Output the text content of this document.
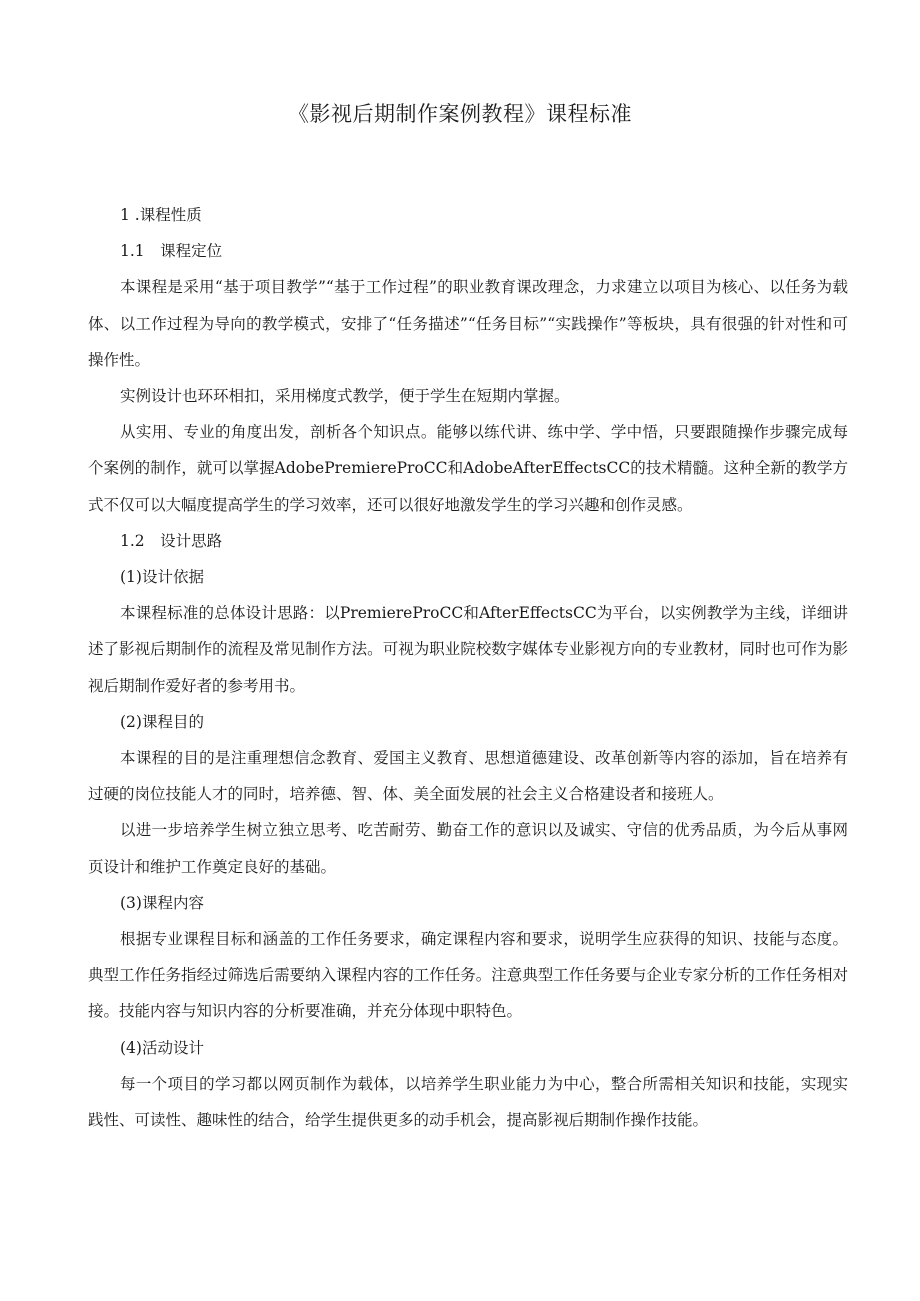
《影视后期制作案例教程》课程标准

1 .课程性质

1.1　课程定位

本课程是采用“基于项目教学”“基于工作过程”的职业教育课改理念，力求建立以项目为核心、以任务为载体、以工作过程为导向的教学模式，安排了“任务描述”“任务目标”“实践操作”等板块，具有很强的针对性和可操作性。

实例设计也环环相扣，采用梯度式教学，便于学生在短期内掌握。

从实用、专业的角度出发，剖析各个知识点。能够以练代讲、练中学、学中悟，只要跟随操作步骤完成每个案例的制作，就可以掌握AdobePremiereProCC和AdobeAfterEffectsCC的技术精髓。这种全新的教学方式不仅可以大幅度提高学生的学习效率，还可以很好地激发学生的学习兴趣和创作灵感。

1.2　设计思路

(1)设计依据

本课程标准的总体设计思路：以PremiereProCC和AfterEffectsCC为平台，以实例教学为主线，详细讲述了影视后期制作的流程及常见制作方法。可视为职业院校数字媒体专业影视方向的专业教材，同时也可作为影视后期制作爱好者的参考用书。

(2)课程目的

本课程的目的是注重理想信念教育、爱国主义教育、思想道德建设、改革创新等内容的添加，旨在培养有过硬的岗位技能人才的同时，培养德、智、体、美全面发展的社会主义合格建设者和接班人。

以进一步培养学生树立独立思考、吃苦耐劳、勤奋工作的意识以及诚实、守信的优秀品质，为今后从事网页设计和维护工作奠定良好的基础。

(3)课程内容

根据专业课程目标和涵盖的工作任务要求，确定课程内容和要求，说明学生应获得的知识、技能与态度。典型工作任务指经过筛选后需要纳入课程内容的工作任务。注意典型工作任务要与企业专家分析的工作任务相对接。技能内容与知识内容的分析要准确，并充分体现中职特色。

(4)活动设计

每一个项目的学习都以网页制作为载体，以培养学生职业能力为中心，整合所需相关知识和技能，实现实践性、可读性、趣味性的结合，给学生提供更多的动手机会，提高影视后期制作操作技能。
